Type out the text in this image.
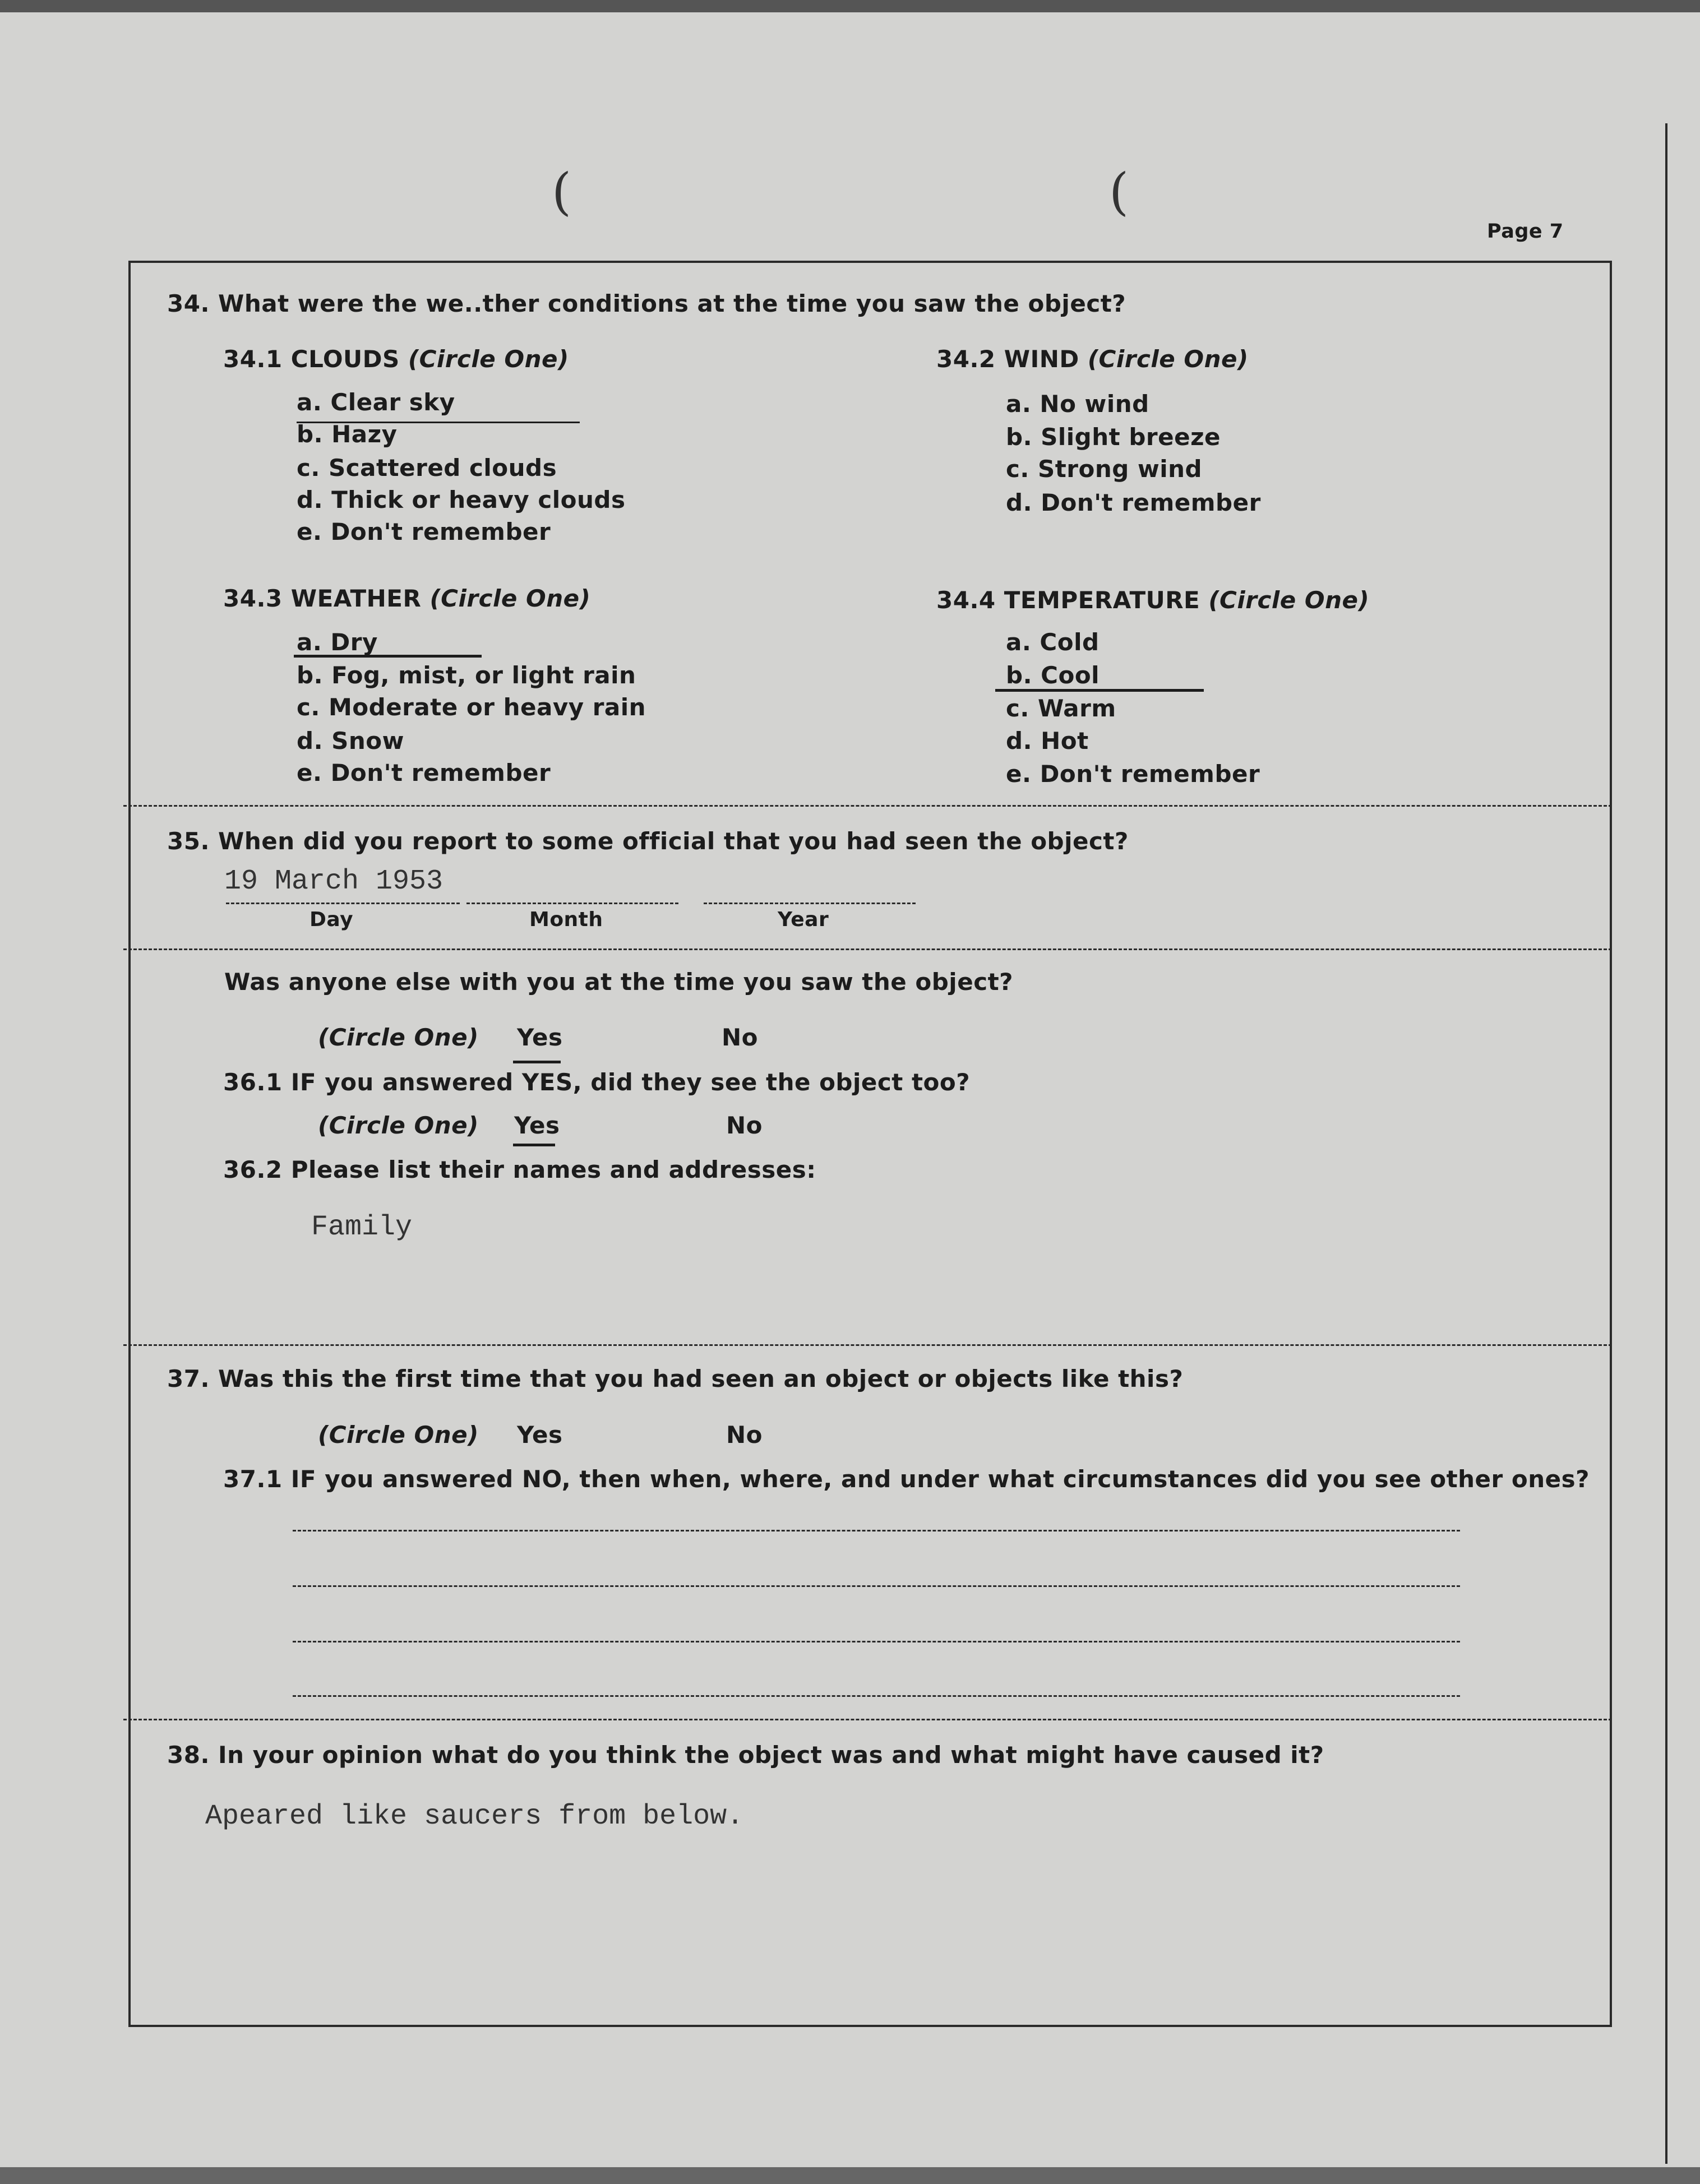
(	(
Page 7
34. What were the we..ther conditions at the time you saw the object?
34.1 CLOUDS (Circle One)
a. Clear sky
b. Hazy
c. Scattered clouds
d. Thick or heavy clouds
e. Don't remember
34.2 WIND (Circle One)
a. No wind
b. Slight breeze
c. Strong wind
d. Don't remember
34.3 WEATHER (Circle One)
a. Dry
b. Fog, mist, or light rain
c. Moderate or heavy rain
d. Snow
e. Don't remember
34.4 TEMPERATURE (Circle One)
a. Cold
b. Cool
c. Warm
d. Hot
e. Don't remember
35. When did you report to some official that you had seen the object?
19 March 1953
Day	Month	Year
Was anyone else with you at the time you saw the object?
(Circle One) Yes	No
36.1 IF you answered YES, did they see the object too?
(Circle One) Yes	No
36.2 Please list their names and addresses:
Family
37. Was this the first time that you had seen an object or objects like this?
(Circle One) Yes	No
37.1 IF you answered NO, then when, where, and under what circumstances did you see other ones?
38. In your opinion what do you think the object was and what might have caused it?
Apeared like saucers from below.
